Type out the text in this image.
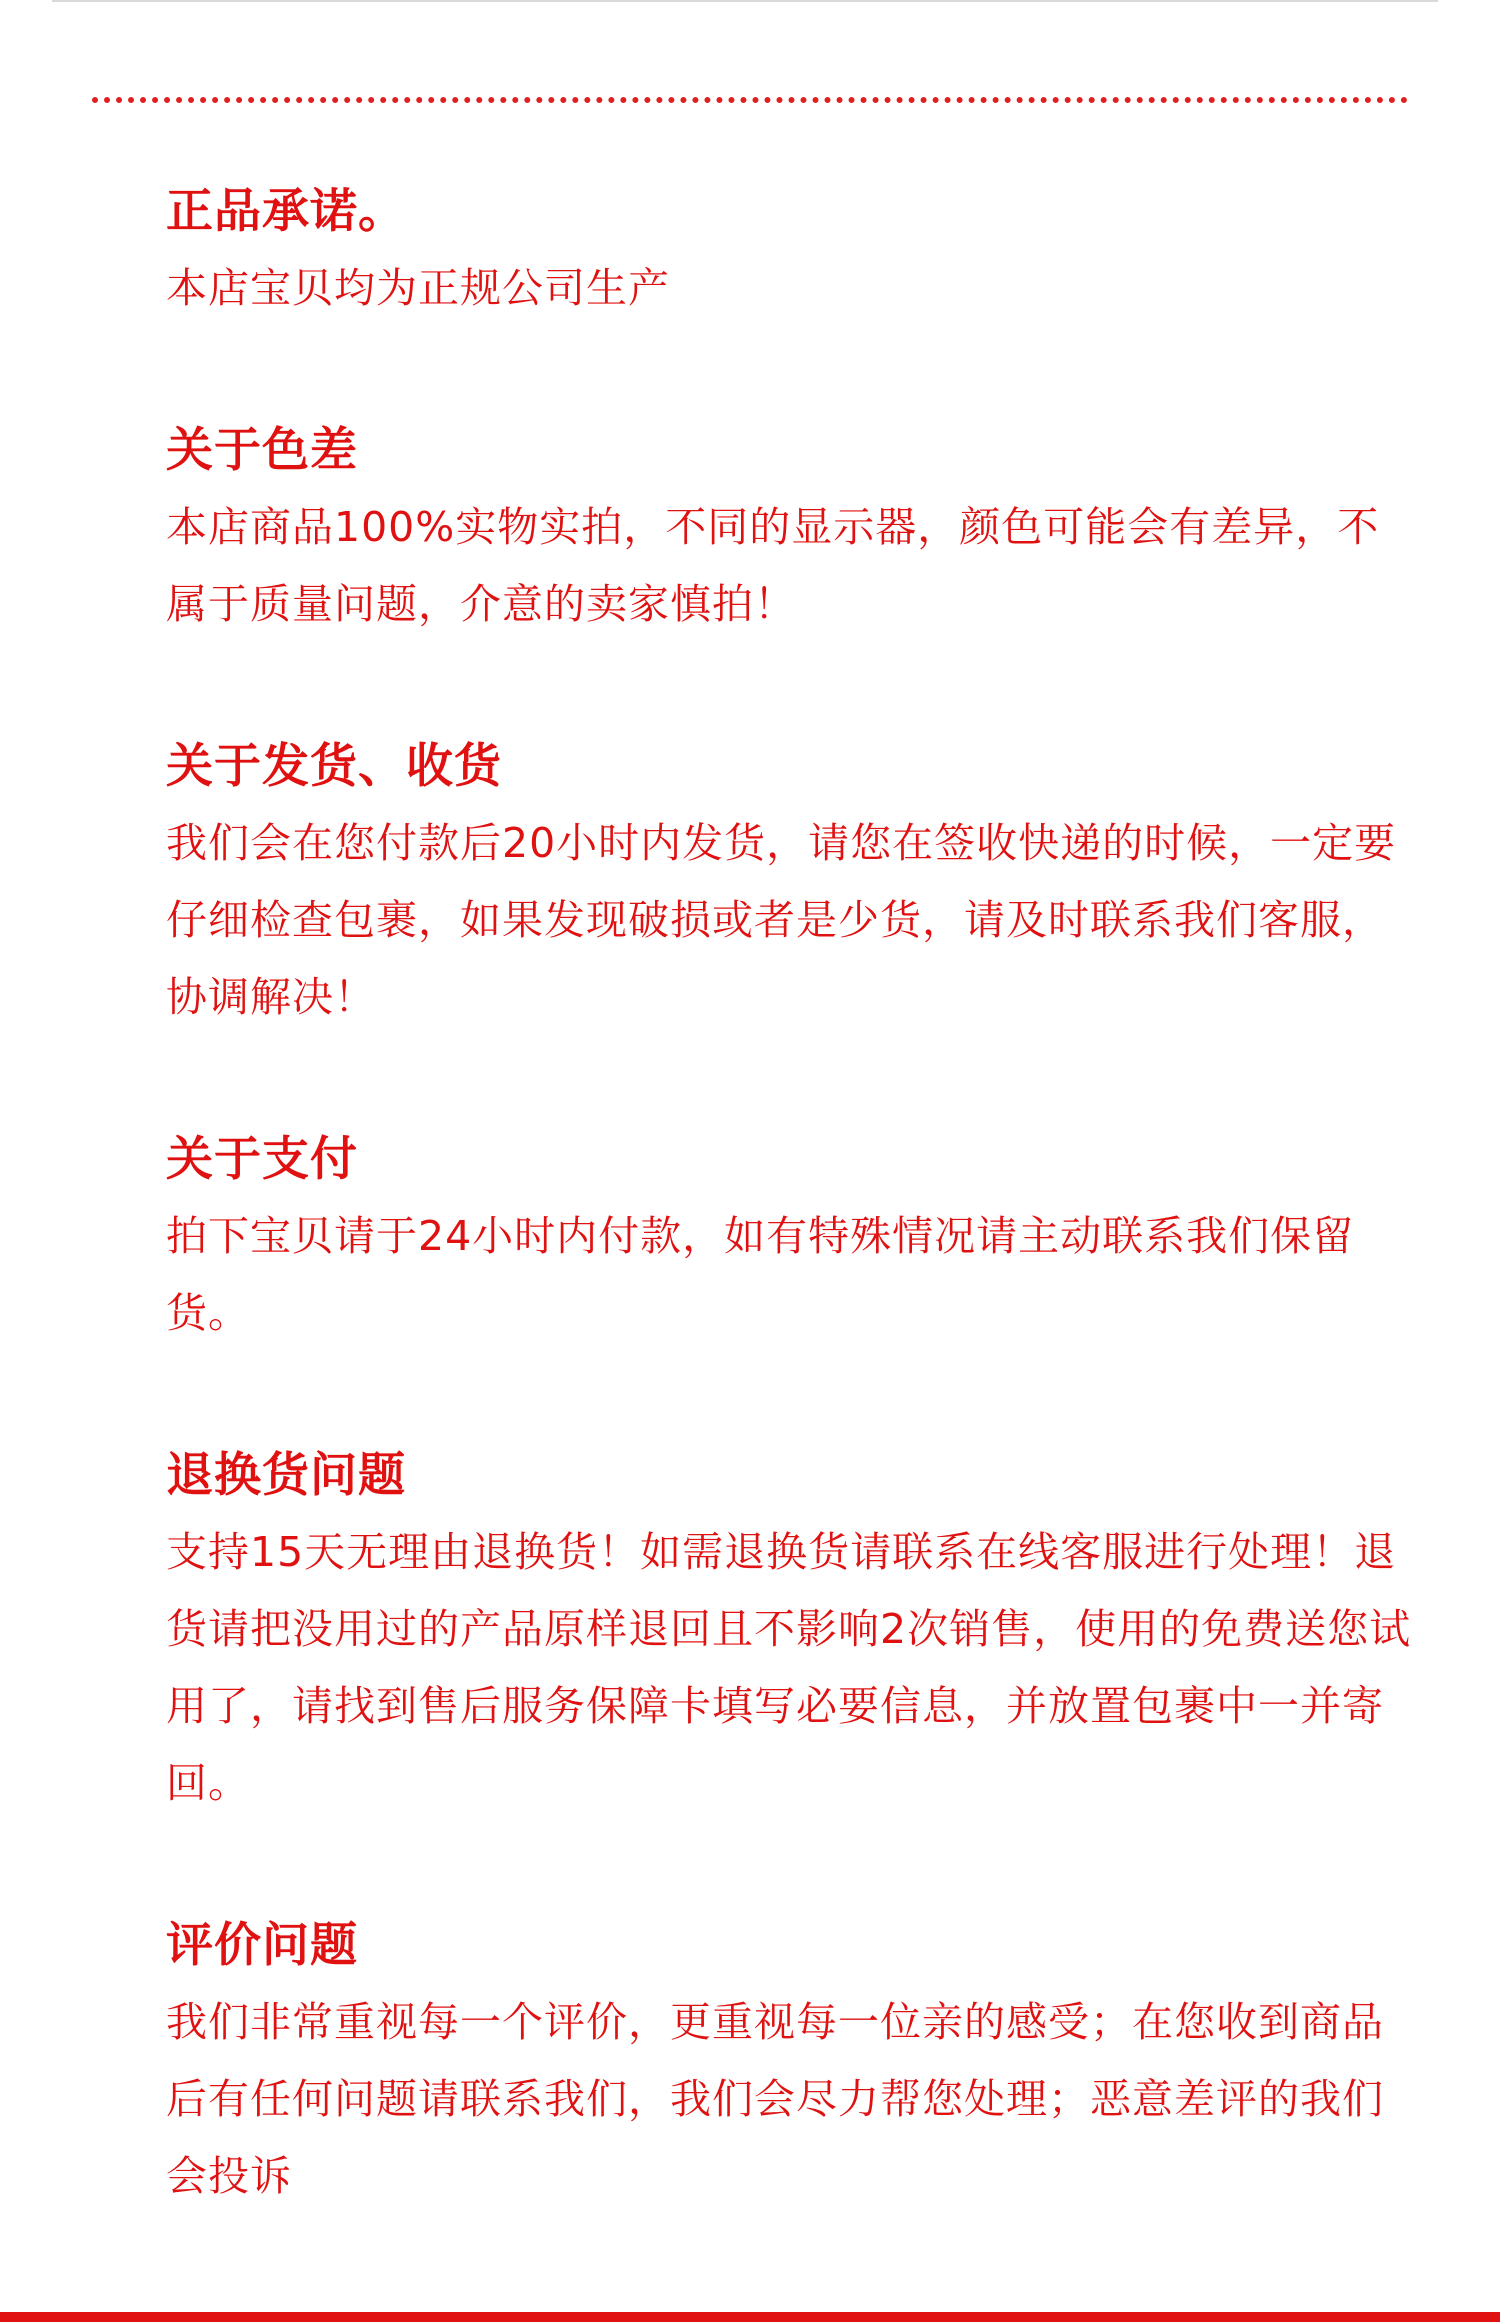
正品承诺。

本店宝贝均为正规公司生产

关于色差

本店商品100%实物实拍，不同的显示器，颜色可能会有差异，不属于质量问题，介意的卖家慎拍！

关于发货、收货

我们会在您付款后20小时内发货，请您在签收快递的时候，一定要仔细检查包裹，如果发现破损或者是少货，请及时联系我们客服，协调解决！

关于支付

拍下宝贝请于24小时内付款，如有特殊情况请主动联系我们保留货。

退换货问题

支持15天无理由退换货！如需退换货请联系在线客服进行处理！退货请把没用过的产品原样退回且不影响2次销售，使用的免费送您试用了，请找到售后服务保障卡填写必要信息，并放置包裹中一并寄回。

评价问题

我们非常重视每一个评价，更重视每一位亲的感受；在您收到商品后有任何问题请联系我们，我们会尽力帮您处理；恶意差评的我们会投诉
